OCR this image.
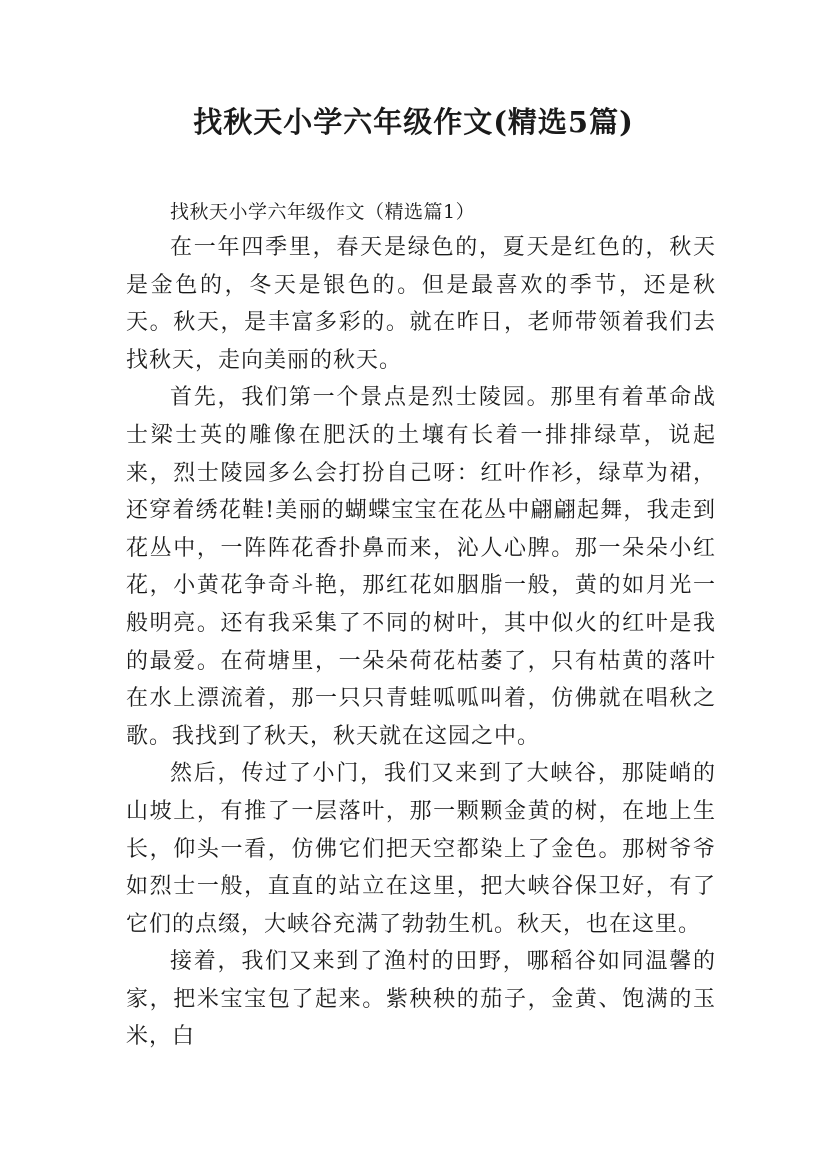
找秋天小学六年级作文(精选5篇)

找秋天小学六年级作文（精选篇1）

在一年四季里，春天是绿色的，夏天是红色的，秋天是金色的，冬天是银色的。但是最喜欢的季节，还是秋天。秋天，是丰富多彩的。就在昨日，老师带领着我们去找秋天，走向美丽的秋天。

首先，我们第一个景点是烈士陵园。那里有着革命战士梁士英的雕像在肥沃的土壤有长着一排排绿草，说起来，烈士陵园多么会打扮自己呀：红叶作衫，绿草为裙，还穿着绣花鞋!美丽的蝴蝶宝宝在花丛中翩翩起舞，我走到花丛中，一阵阵花香扑鼻而来，沁人心脾。那一朵朵小红花，小黄花争奇斗艳，那红花如胭脂一般，黄的如月光一般明亮。还有我采集了不同的树叶，其中似火的红叶是我的最爱。在荷塘里，一朵朵荷花枯萎了，只有枯黄的落叶在水上漂流着，那一只只青蛙呱呱叫着，仿佛就在唱秋之歌。我找到了秋天，秋天就在这园之中。

然后，传过了小门，我们又来到了大峡谷，那陡峭的山坡上，有推了一层落叶，那一颗颗金黄的树，在地上生长，仰头一看，仿佛它们把天空都染上了金色。那树爷爷如烈士一般，直直的站立在这里，把大峡谷保卫好，有了它们的点缀，大峡谷充满了勃勃生机。秋天，也在这里。

接着，我们又来到了渔村的田野，哪稻谷如同温馨的家，把米宝宝包了起来。紫秧秧的茄子，金黄、饱满的玉米，白
